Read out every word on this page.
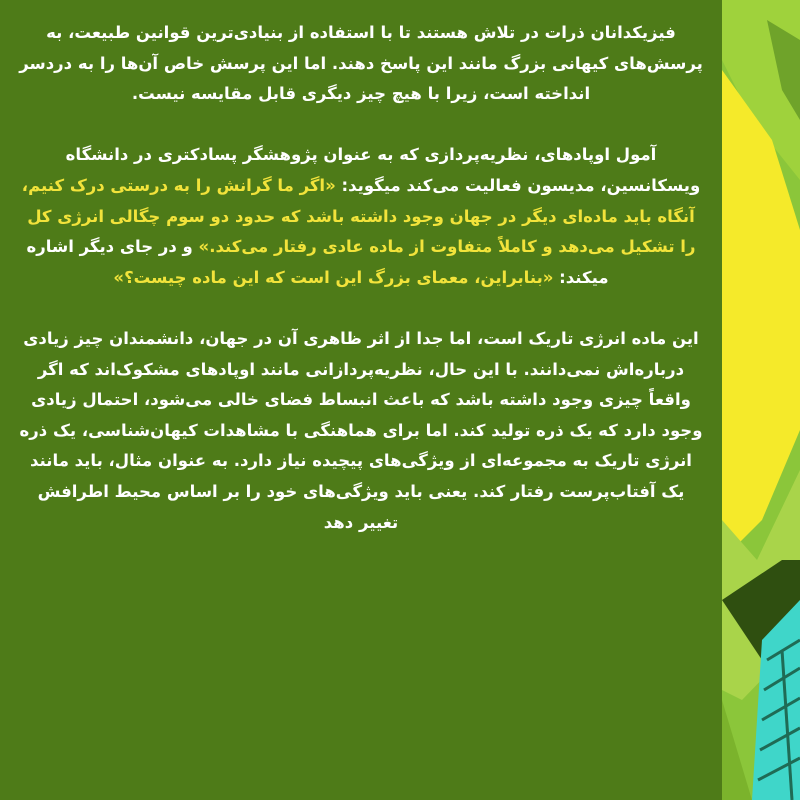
فیزیکدانان ذرات در تلاش هستند تا با استفاده از بنیادی‌ترین قوانین طبیعت، به پرسش‌های کیهانی بزرگ مانند این پاسخ دهند. اما این پرسش خاص آن‌ها را به دردسر انداخته است، زیرا با هیچ چیز دیگری قابل مقایسه نیست.

آمول اوپادهای، نظریه‌پردازی که به عنوان پژوهشگر پسادکتری در دانشگاه ویسکانسین، مدیسون فعالیت می‌کند میگوید: «اگر ما گرانش را به درستی درک کنیم، آنگاه باید ماده‌ای دیگر در جهان وجود داشته باشد که حدود دو سوم چگالی انرژی کل را تشکیل می‌دهد و کاملاً متفاوت از ماده عادی رفتار می‌کند.» و در جای دیگر اشاره میکند: «بنابراین، معمای بزرگ این است که این ماده چیست؟»

این ماده انرژی تاریک است، اما جدا از اثر ظاهری آن در جهان، دانشمندان چیز زیادی درباره‌اش نمی‌دانند. با این حال، نظریه‌پردازانی مانند اوپادهای مشکوک‌اند که اگر واقعاً چیزی وجود داشته باشد که باعث انبساط فضای خالی می‌شود، احتمال زیادی وجود دارد که یک ذره تولید کند. اما برای هماهنگی با مشاهدات کیهان‌شناسی، یک ذره انرژی تاریک به مجموعه‌ای از ویژگی‌های پیچیده نیاز دارد. به عنوان مثال، باید مانند یک آفتاب‌پرست رفتار کند. یعنی باید ویژگی‌های خود را بر اساس محیط اطرافش تغییر دهد
